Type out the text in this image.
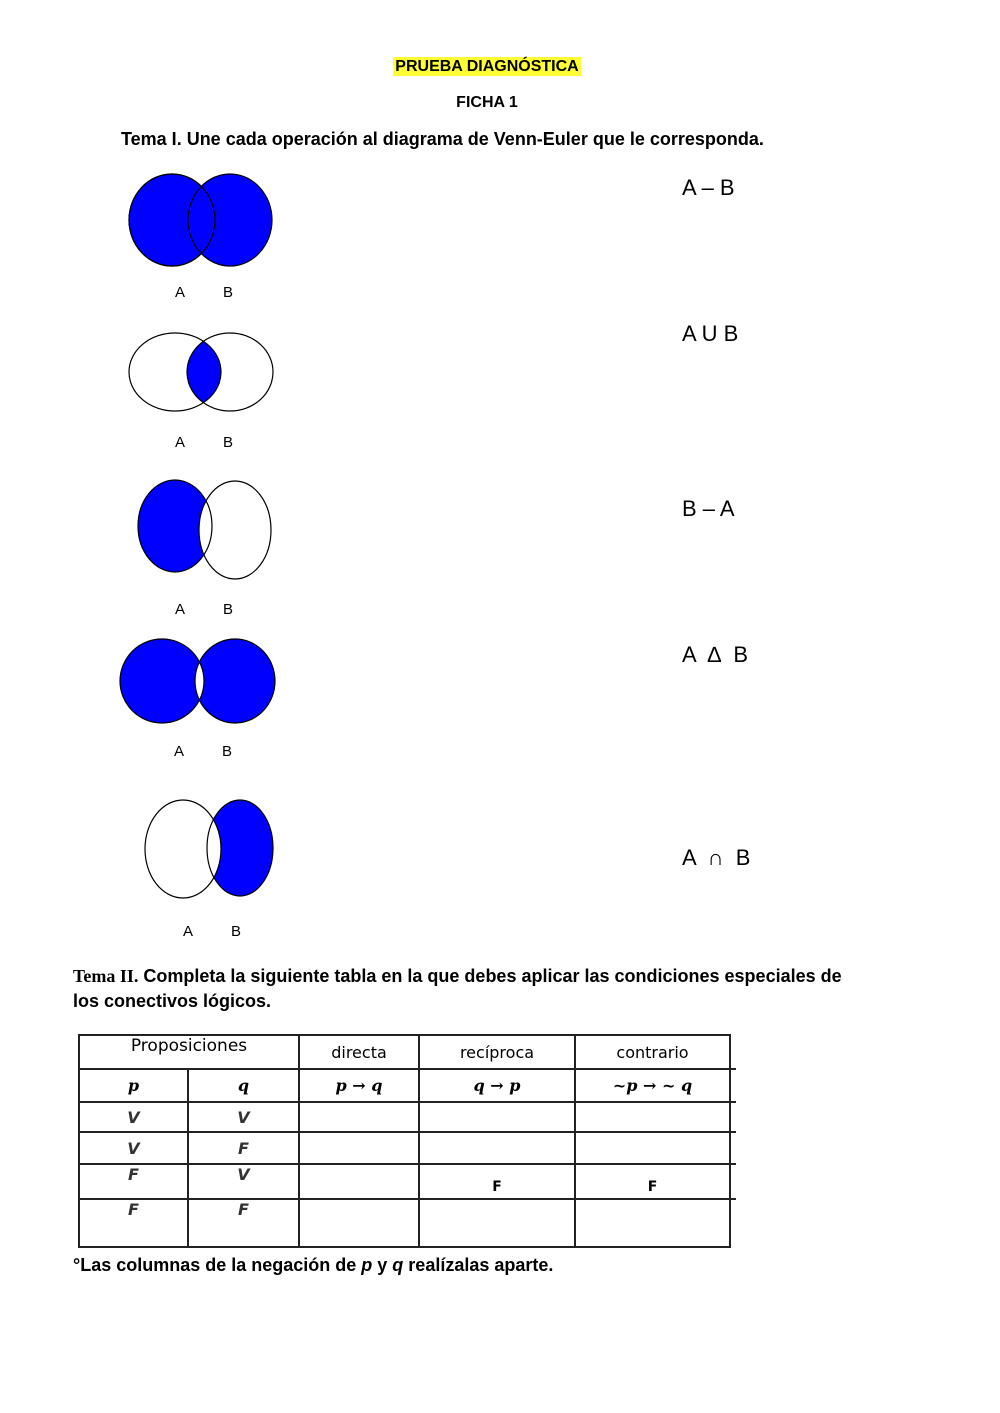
PRUEBA DIAGNÓSTICA
FICHA 1
Tema I. Une cada operación al diagrama de Venn-Euler que le corresponda.
A	B
A	B
A	B
A	B
A	B
A – B
A U B
B – A
A  ∆  B
A  ∩  B
Tema II. Completa la siguiente tabla en la que debes aplicar las condiciones especiales de los conectivos lógicos.
Proposiciones		directa	recíproca	contrario	
p	q	p → q	q → p	~p → ~ q	
V	V				
V	F				
F	V		F	F	
F	F				
°Las columnas de la negación de p y q realízalas aparte.
